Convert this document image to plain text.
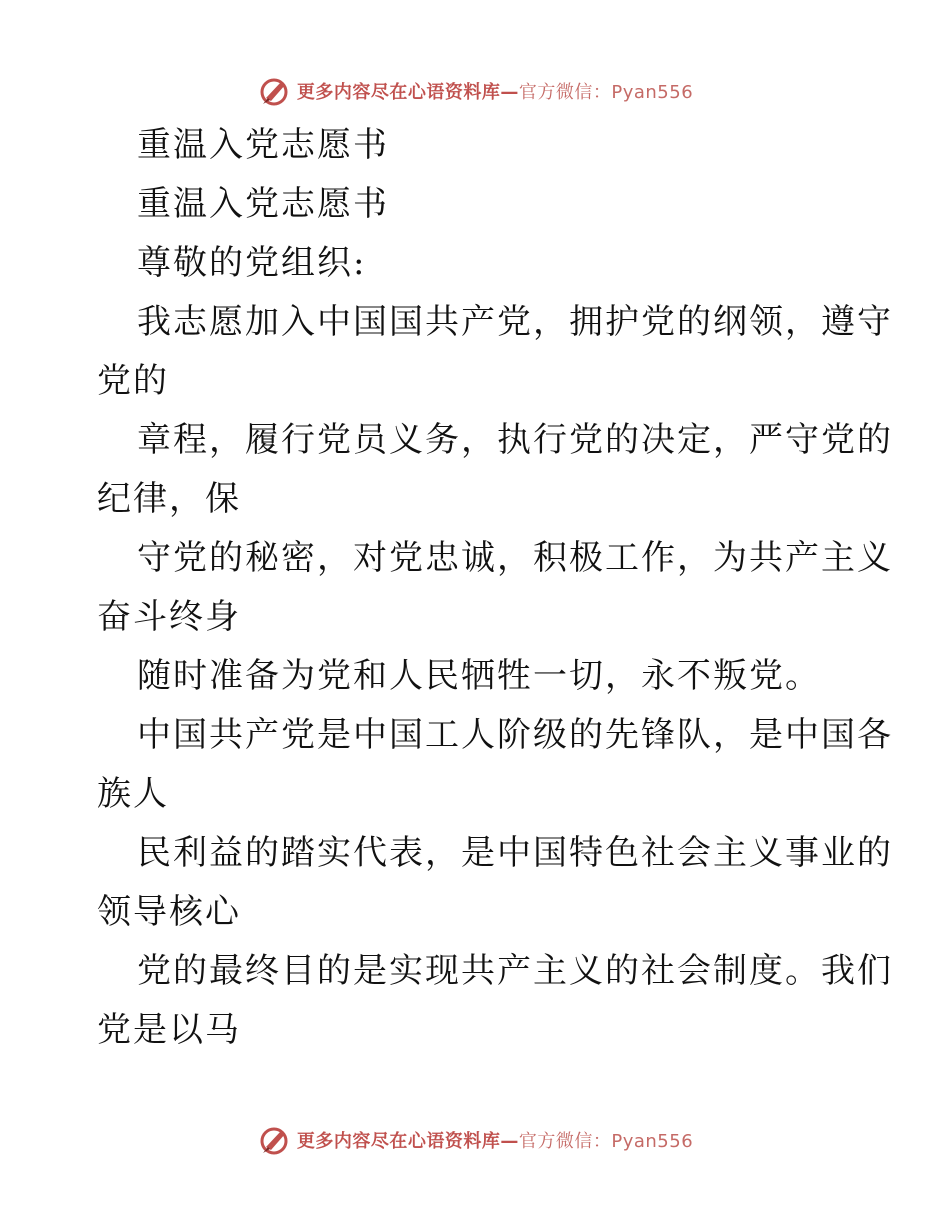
更多内容尽在心语资料库—官方微信：Pyan556
重温入党志愿书
重温入党志愿书
尊敬的党组织:
我志愿加入中国国共产党，拥护党的纲领，遵守
党的
章程，履行党员义务，执行党的决定，严守党的
纪律，保
守党的秘密，对党忠诚，积极工作，为共产主义
奋斗终身
随时准备为党和人民牺牲一切，永不叛党。
中国共产党是中国工人阶级的先锋队，是中国各
族人
民利益的踏实代表，是中国特色社会主义事业的
领导核心
党的最终目的是实现共产主义的社会制度。我们
党是以马
更多内容尽在心语资料库—官方微信：Pyan556
